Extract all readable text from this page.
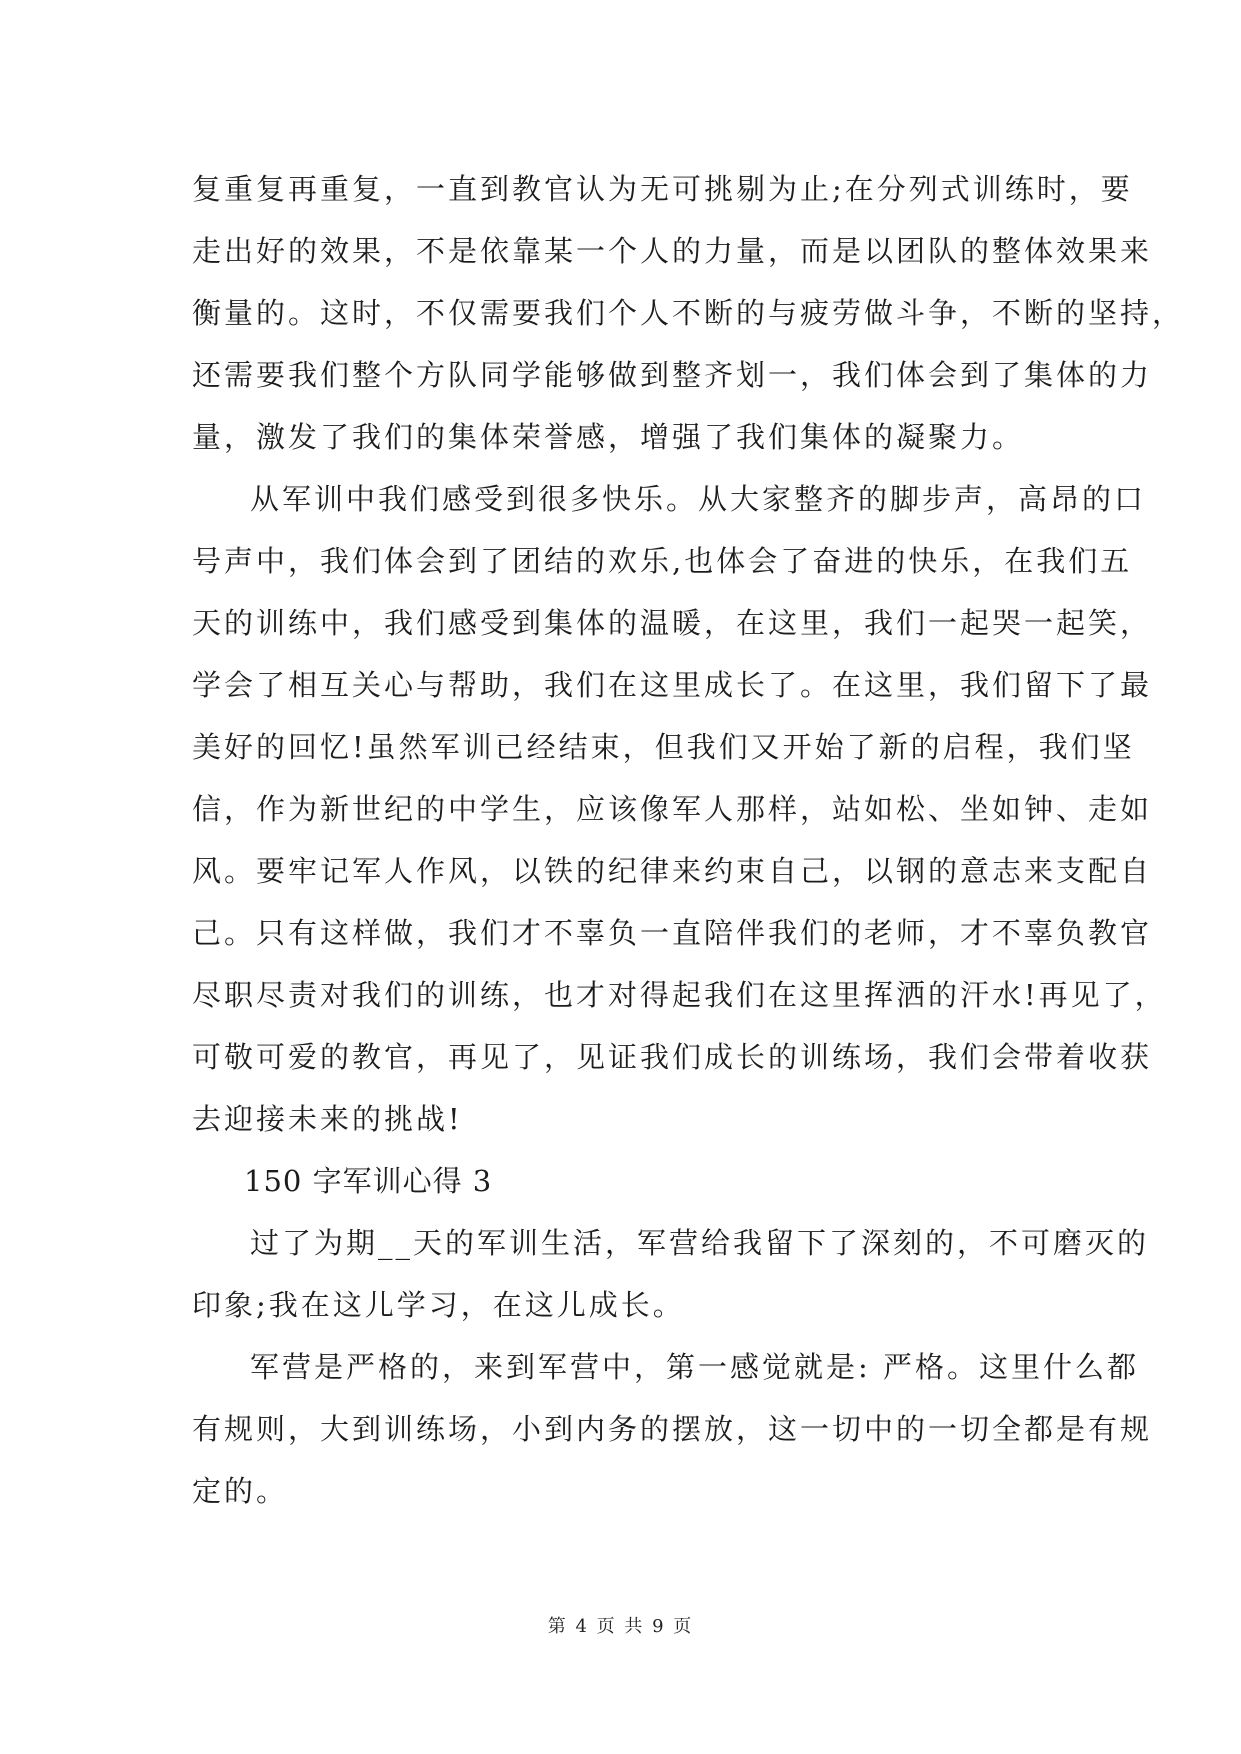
复重复再重复，一直到教官认为无可挑剔为止;在分列式训练时，要
走出好的效果，不是依靠某一个人的力量，而是以团队的整体效果来
衡量的。这时，不仅需要我们个人不断的与疲劳做斗争，不断的坚持，
还需要我们整个方队同学能够做到整齐划一，我们体会到了集体的力
量，激发了我们的集体荣誉感，增强了我们集体的凝聚力。
从军训中我们感受到很多快乐。从大家整齐的脚步声，高昂的口
号声中，我们体会到了团结的欢乐,也体会了奋进的快乐，在我们五
天的训练中，我们感受到集体的温暖，在这里，我们一起哭一起笑，
学会了相互关心与帮助，我们在这里成长了。在这里，我们留下了最
美好的回忆!虽然军训已经结束，但我们又开始了新的启程，我们坚
信，作为新世纪的中学生，应该像军人那样，站如松、坐如钟、走如
风。要牢记军人作风，以铁的纪律来约束自己，以钢的意志来支配自
己。只有这样做，我们才不辜负一直陪伴我们的老师，才不辜负教官
尽职尽责对我们的训练，也才对得起我们在这里挥洒的汗水!再见了，
可敬可爱的教官，再见了，见证我们成长的训练场，我们会带着收获
去迎接未来的挑战!
150 字军训心得 3
过了为期__天的军训生活，军营给我留下了深刻的，不可磨灭的
印象;我在这儿学习，在这儿成长。
军营是严格的，来到军营中，第一感觉就是: 严格。这里什么都
有规则，大到训练场，小到内务的摆放，这一切中的一切全都是有规
定的。
第 4 页 共 9 页
